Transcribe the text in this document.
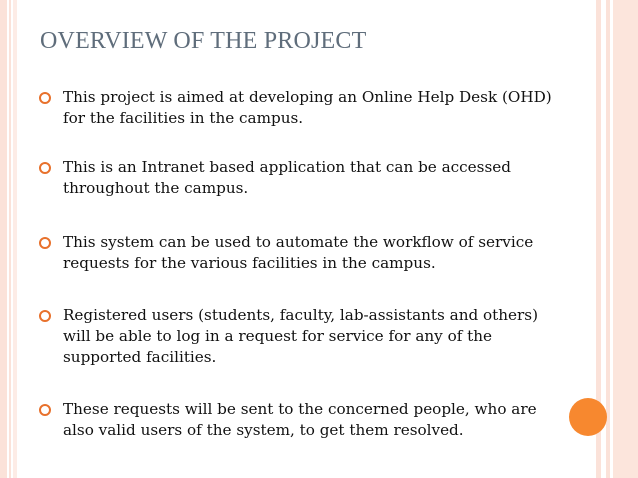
OVERVIEW OF THE PROJECT
This project is aimed at developing an Online Help Desk (OHD) for the facilities in the campus.
This is an Intranet based application that can be accessed throughout the campus.
This system can be used to automate the workflow of service requests for the various facilities in the campus.
Registered users (students, faculty, lab-assistants and others) will be able to log in a request for service for any of the supported facilities.
These requests will be sent to the concerned people, who are also valid users of the system, to get them resolved.
